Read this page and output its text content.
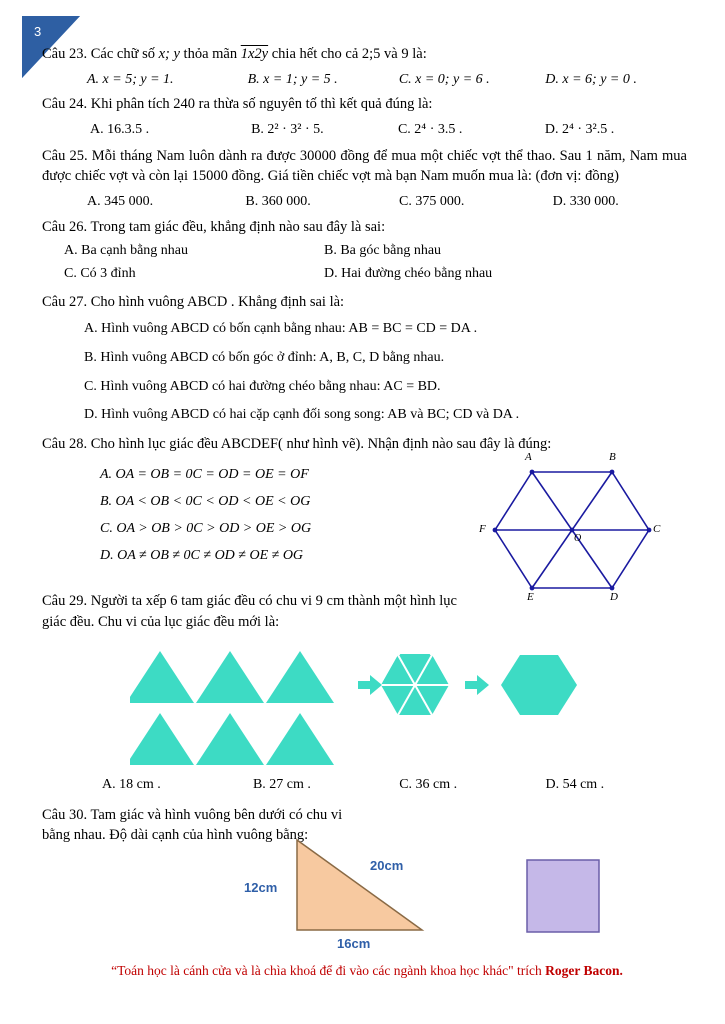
3
Câu 23. Các chữ số x; y thỏa mãn 1x2y chia hết cho cả 2;5 và 9 là:
A. x = 5; y = 1.	B. x = 1; y = 5 .	C. x = 0; y = 6 .	D. x = 6; y = 0 .
Câu 24. Khi phân tích 240 ra thừa số nguyên tố thì kết quả đúng là:
A. 16.3.5 .	B. 2² · 3² · 5.	C. 2⁴ · 3.5 .	D. 2⁴ · 3².5 .
Câu 25. Mỗi tháng Nam luôn dành ra được 30000 đồng để mua một chiếc vợt thể thao. Sau 1 năm, Nam mua được chiếc vợt và còn lại 15000 đồng. Giá tiền chiếc vợt mà bạn Nam muốn mua là: (đơn vị: đồng)
A. 345 000.	B. 360 000.	C. 375 000.	D. 330 000.
Câu 26. Trong tam giác đều, khẳng định nào sau đây là sai:
A. Ba cạnh bằng nhau	B. Ba góc bằng nhau
C. Có 3 đỉnh	D. Hai đường chéo bằng nhau
Câu 27. Cho hình vuông ABCD . Khẳng định sai là:
A. Hình vuông ABCD có bốn cạnh bằng nhau: AB = BC = CD = DA .
B. Hình vuông ABCD có bốn góc ở đỉnh: A, B, C, D bằng nhau.
C. Hình vuông ABCD có hai đường chéo bằng nhau: AC = BD.
D. Hình vuông ABCD có hai cặp cạnh đối song song: AB và BC; CD và DA .
Câu 28. Cho hình lục giác đều ABCDEF( như hình vẽ). Nhận định nào sau đây là đúng:
A	B
C
D
E
F
O
A. OA = OB = 0C = OD = OE = OF
B. OA < OB < 0C < OD < OE < OG
C. OA > OB > 0C > OD > OE > OG
D. OA ≠ OB ≠ 0C ≠ OD ≠ OE ≠ OG
Câu 29. Người ta xếp 6 tam giác đều có chu vi 9 cm thành một hình lục giác đều. Chu vi của lục giác đều mới là:
A. 18 cm .	B. 27 cm .	C. 36 cm .	D. 54 cm .
Câu 30. Tam giác và hình vuông bên dưới có chu vi bằng nhau. Độ dài cạnh của hình vuông bằng:
12cm
20cm
16cm
“Toán học là cánh cửa và là chìa khoá để đi vào các ngành khoa học khác" trích Roger Bacon.
